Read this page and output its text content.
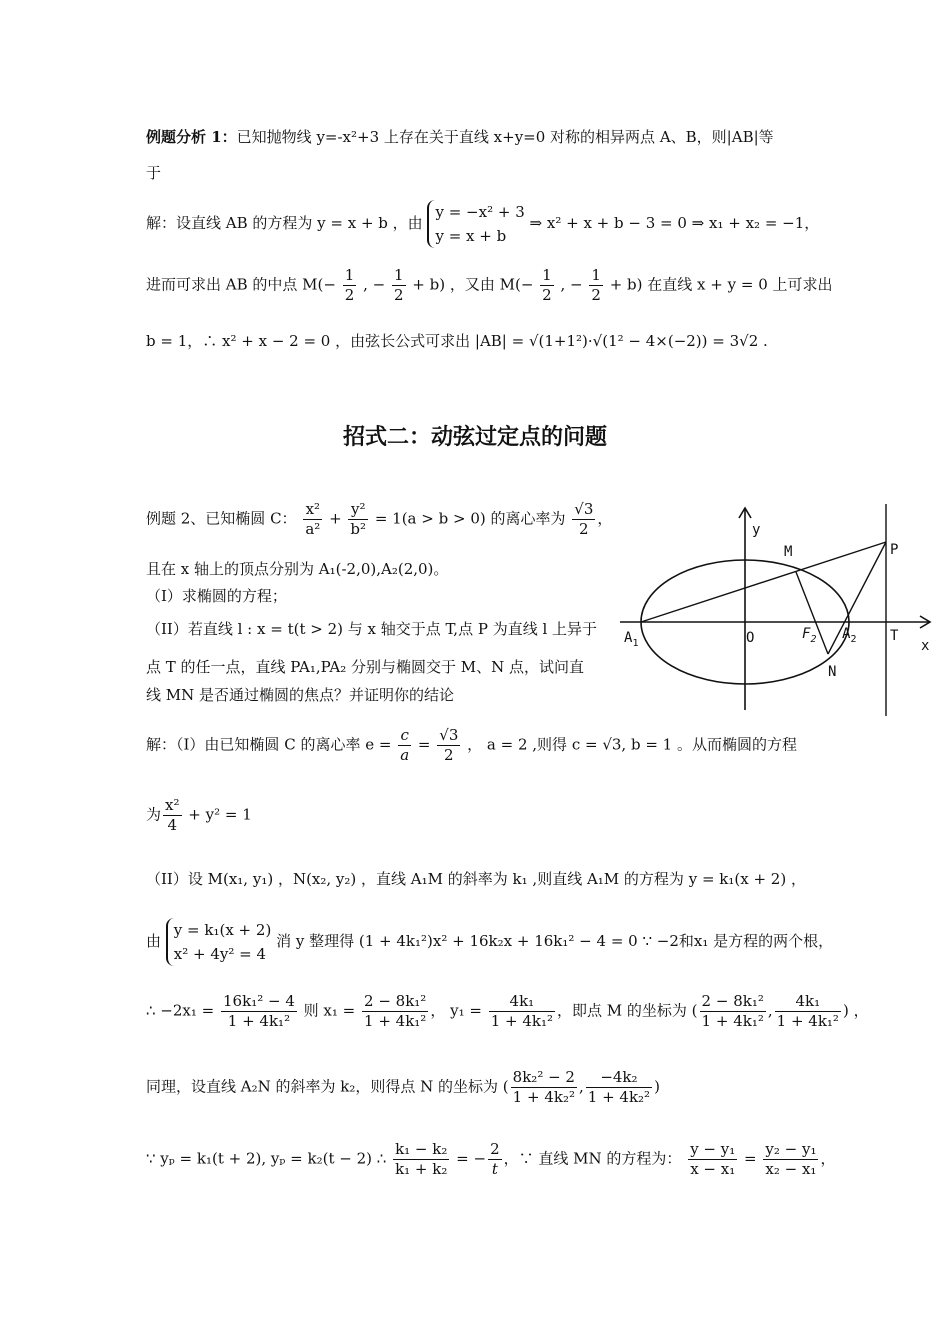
例题分析 1：已知抛物线 y=-x²+3 上存在关于直线 x+y=0 对称的相异两点 A、B，则|AB|等
于
解：设直线 AB 的方程为 y = x + b ，由
y = −x² + 3
y = x + b
⇒ x² + x + b − 3 = 0 ⇒ x₁ + x₂ = −1，
进而可求出 AB 的中点 $M(- \frac{1}{2}$ , − $\frac{1}{2} + b$) ，又由 $M(- \frac{1}{2}$ , − $\frac{1}{2} + b$) 在直线 x + y = 0 上可求出
b = 1，∴ x² + x − 2 = 0 ，由弦长公式可求出 |AB| = √(1+1²)·√(1² − 4×(−2)) = 3√2 .
招式二：动弦过定点的问题
例题 2、已知椭圆 C： $\frac{\text{x²}}{\text{a²}} + \frac{\text{y²}}{\text{b²}} = 1(a > b > 0)$ 的离心率为 $\frac{√3}{2}$ ，
且在 x 轴上的顶点分别为 A₁(-2,0),A₂(2,0)。
（I）求椭圆的方程；
（II）若直线 l : x = t(t > 2) 与 x 轴交于点 T,点 P 为直线 l 上异于
点 T 的任一点，直线 PA₁,PA₂ 分别与椭圆交于 M、N 点，试问直
线 MN 是否通过椭圆的焦点？并证明你的结论
y
x
O
M	P
N
T
$A_1$
$A_2$
$F_2$
解：（I）由已知椭圆 C 的离心率 $e = \frac{c}{a} = \frac{√3}{2}$ ， a = 2 ,则得 c = √3, b = 1 。从而椭圆的方程
为 $\frac{\text{x²}}{4} + y^2 = 1$
（II）设 M(x₁, y₁) ，N(x₂, y₂) ，直线 A₁M 的斜率为 k₁ ,则直线 A₁M 的方程为 y = k₁(x + 2) ，
由
y = k₁(x + 2)
x² + 4y² = 4
消 y 整理得 (1 + 4k₁²)x² + 16k₂x + 16k₁² − 4 = 0 ∵ −2和x₁ 是方程的两个根，
∴ $-2x_1 = \frac{\text{16k₁² − 4}}{\text{1 + 4k₁²}}$ 则 $x_1 = \frac{\text{2 − 8k₁²}}{\text{1 + 4k₁²}}$ ， $y_1 = \frac{\text{4k₁}}{\text{1 + 4k₁²}}$ ，即点 M 的坐标为 ( $\frac{\text{2 − 8k₁²}}{\text{1 + 4k₁²}}$ , $\frac{\text{4k₁}}{\text{1 + 4k₁²}}$ ) ，
同理，设直线 A₂N 的斜率为 k₂，则得点 N 的坐标为 ( $\frac{\text{8k₂² − 2}}{\text{1 + 4k₂²}}$ , $\frac{\text{−4k₂}}{\text{1 + 4k₂²}}$ )
∵ yₚ = k₁(t + 2), yₚ = k₂(t − 2) ∴ $\frac{\text{k₁ − k₂}}{\text{k₁ + k₂}}$ = − $\frac{2}{t}$ ，∵ 直线 MN 的方程为： $\frac{\text{y − y₁}}{\text{x − x₁}} = \frac{\text{y₂ − y₁}}{\text{x₂ − x₁}}$ ，
